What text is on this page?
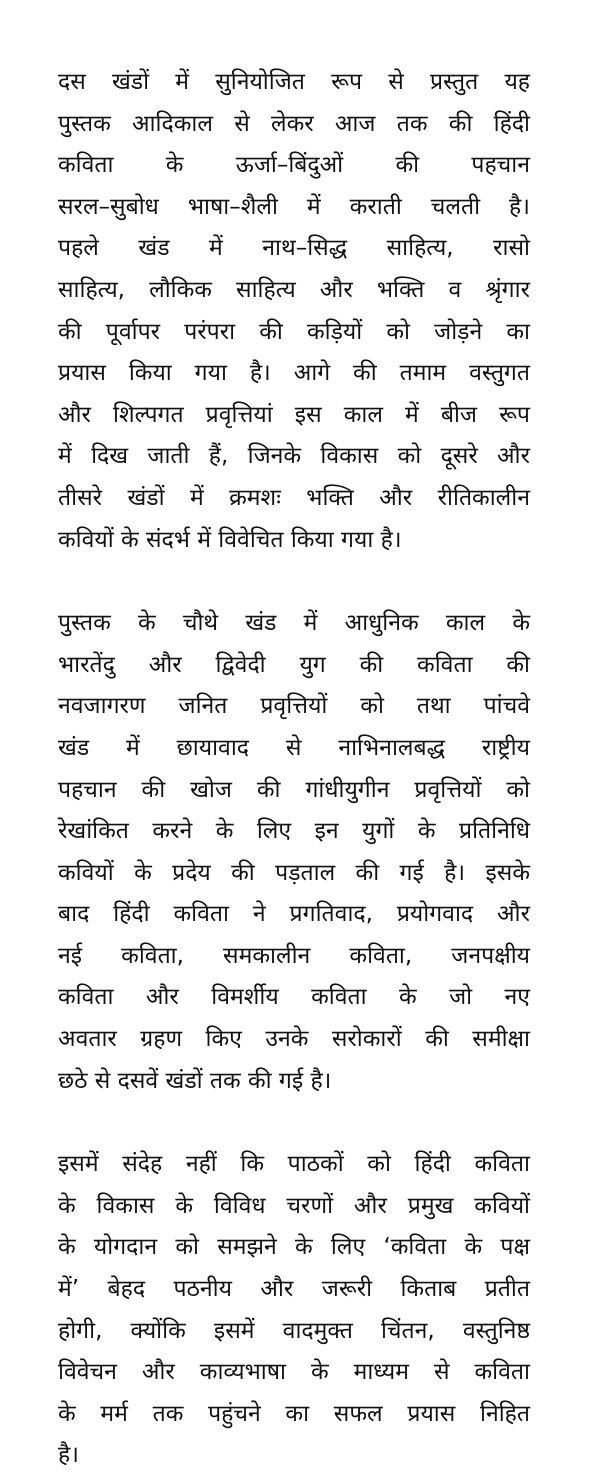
दस खंडों में सुनियोजित रूप से प्रस्तुत यह
पुस्तक आदिकाल से लेकर आज तक की हिंदी
कविता के ऊर्जा–बिंदुओं की पहचान
सरल–सुबोध भाषा–शैली में कराती चलती है।
पहले खंड में नाथ–सिद्ध साहित्य, रासो
साहित्य, लौकिक साहित्य और भक्ति व श्रृंगार
की पूर्वापर परंपरा की कड़ियों को जोड़ने का
प्रयास किया गया है। आगे की तमाम वस्तुगत
और शिल्पगत प्रवृत्तियां इस काल में बीज रूप
में दिख जाती हैं, जिनके विकास को दूसरे और
तीसरे खंडों में क्रमशः भक्ति और रीतिकालीन
कवियों के संदर्भ में विवेचित किया गया है।
पुस्तक के चौथे खंड में आधुनिक काल के
भारतेंदु और द्विवेदी युग की कविता की
नवजागरण जनित प्रवृत्तियों को तथा पांचवे
खंड में छायावाद से नाभिनालबद्ध राष्ट्रीय
पहचान की खोज की गांधीयुगीन प्रवृत्तियों को
रेखांकित करने के लिए इन युगों के प्रतिनिधि
कवियों के प्रदेय की पड़ताल की गई है। इसके
बाद हिंदी कविता ने प्रगतिवाद, प्रयोगवाद और
नई कविता, समकालीन कविता, जनपक्षीय
कविता और विमर्शीय कविता के जो नए
अवतार ग्रहण किए उनके सरोकारों की समीक्षा
छठे से दसवें खंडों तक की गई है।
इसमें संदेह नहीं कि पाठकों को हिंदी कविता
के विकास के विविध चरणों और प्रमुख कवियों
के योगदान को समझने के लिए ‘कविता के पक्ष
में’ बेहद पठनीय और जरूरी किताब प्रतीत
होगी, क्योंकि इसमें वादमुक्त चिंतन, वस्तुनिष्ठ
विवेचन और काव्यभाषा के माध्यम से कविता
के मर्म तक पहुंचने का सफल प्रयास निहित
है।
